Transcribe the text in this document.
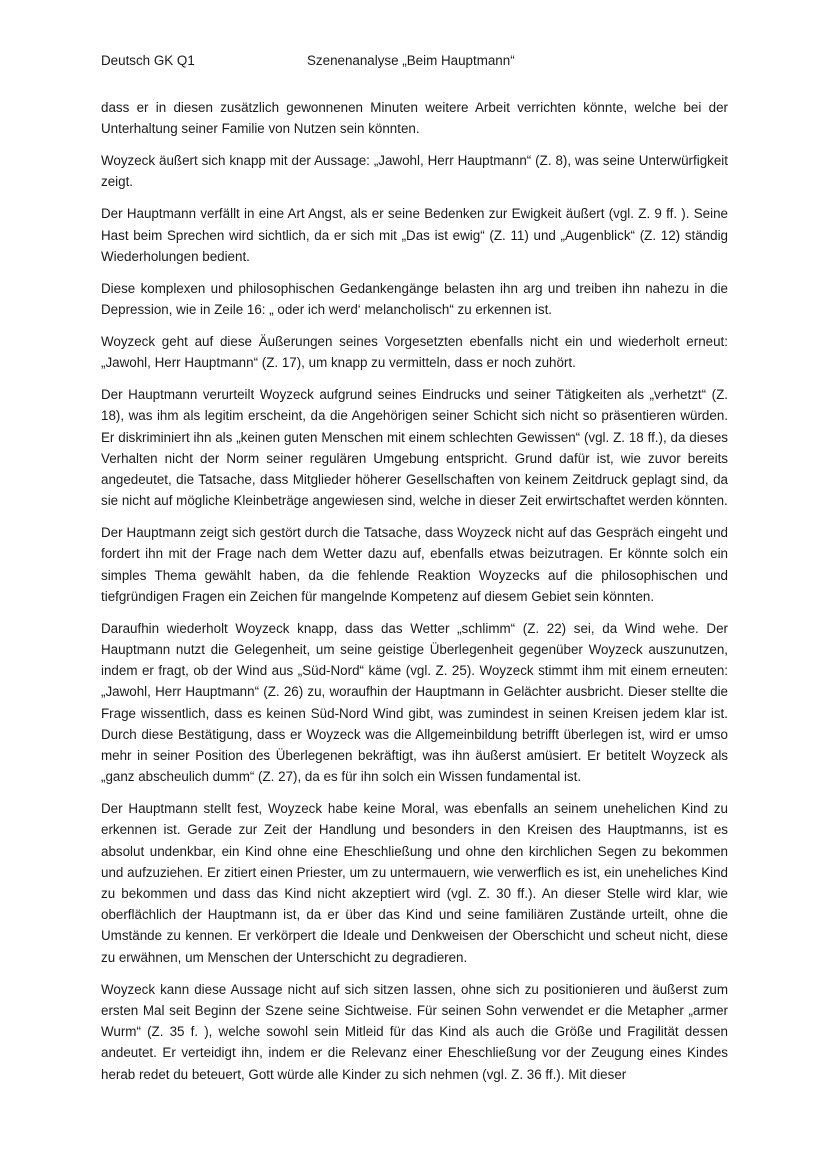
Deutsch GK Q1	Szenenanalyse „Beim Hauptmann“

dass er in diesen zusätzlich gewonnenen Minuten weitere Arbeit verrichten könnte, welche bei der Unterhaltung seiner Familie von Nutzen sein könnten.

Woyzeck äußert sich knapp mit der Aussage: „Jawohl, Herr Hauptmann“ (Z. 8), was seine Unterwürfigkeit zeigt.

Der Hauptmann verfällt in eine Art Angst, als er seine Bedenken zur Ewigkeit äußert (vgl. Z. 9 ff. ). Seine Hast beim Sprechen wird sichtlich, da er sich mit „Das ist ewig“ (Z. 11) und „Augenblick“ (Z. 12) ständig Wiederholungen bedient.

Diese komplexen und philosophischen Gedankengänge belasten ihn arg und treiben ihn nahezu in die Depression, wie in Zeile 16: „ oder ich werd‘ melancholisch“ zu erkennen ist.

Woyzeck geht auf diese Äußerungen seines Vorgesetzten ebenfalls nicht ein und wiederholt erneut: „Jawohl, Herr Hauptmann“ (Z. 17), um knapp zu vermitteln, dass er noch zuhört.

Der Hauptmann verurteilt Woyzeck aufgrund seines Eindrucks und seiner Tätigkeiten als „verhetzt“ (Z. 18), was ihm als legitim erscheint, da die Angehörigen seiner Schicht sich nicht so präsentieren würden. Er diskriminiert ihn als „keinen guten Menschen mit einem schlechten Gewissen“ (vgl. Z. 18 ff.), da dieses Verhalten nicht der Norm seiner regulären Umgebung entspricht. Grund dafür ist, wie zuvor bereits angedeutet, die Tatsache, dass Mitglieder höherer Gesellschaften von keinem Zeitdruck geplagt sind, da sie nicht auf mögliche Kleinbeträge angewiesen sind, welche in dieser Zeit erwirtschaftet werden könnten.

Der Hauptmann zeigt sich gestört durch die Tatsache, dass Woyzeck nicht auf das Gespräch eingeht und fordert ihn mit der Frage nach dem Wetter dazu auf, ebenfalls etwas beizutragen. Er könnte solch ein simples Thema gewählt haben, da die fehlende Reaktion Woyzecks auf die philosophischen und tiefgründigen Fragen ein Zeichen für mangelnde Kompetenz auf diesem Gebiet sein könnten.

Daraufhin wiederholt Woyzeck knapp, dass das Wetter „schlimm“ (Z. 22) sei, da Wind wehe. Der Hauptmann nutzt die Gelegenheit, um seine geistige Überlegenheit gegenüber Woyzeck auszunutzen, indem er fragt, ob der Wind aus „Süd-Nord“ käme (vgl. Z. 25). Woyzeck stimmt ihm mit einem erneuten: „Jawohl, Herr Hauptmann“ (Z. 26) zu, woraufhin der Hauptmann in Gelächter ausbricht. Dieser stellte die Frage wissentlich, dass es keinen Süd-Nord Wind gibt, was zumindest in seinen Kreisen jedem klar ist. Durch diese Bestätigung, dass er Woyzeck was die Allgemeinbildung betrifft überlegen ist, wird er umso mehr in seiner Position des Überlegenen bekräftigt, was ihn äußerst amüsiert. Er betitelt Woyzeck als „ganz abscheulich dumm“ (Z. 27), da es für ihn solch ein Wissen fundamental ist.

Der Hauptmann stellt fest, Woyzeck habe keine Moral, was ebenfalls an seinem unehelichen Kind zu erkennen ist. Gerade zur Zeit der Handlung und besonders in den Kreisen des Hauptmanns, ist es absolut undenkbar, ein Kind ohne eine Eheschließung und ohne den kirchlichen Segen zu bekommen und aufzuziehen. Er zitiert einen Priester, um zu untermauern, wie verwerflich es ist, ein uneheliches Kind zu bekommen und dass das Kind nicht akzeptiert wird (vgl. Z. 30 ff.). An dieser Stelle wird klar, wie oberflächlich der Hauptmann ist, da er über das Kind und seine familiären Zustände urteilt, ohne die Umstände zu kennen. Er verkörpert die Ideale und Denkweisen der Oberschicht und scheut nicht, diese zu erwähnen, um Menschen der Unterschicht zu degradieren.

Woyzeck kann diese Aussage nicht auf sich sitzen lassen, ohne sich zu positionieren und äußerst zum ersten Mal seit Beginn der Szene seine Sichtweise. Für seinen Sohn verwendet er die Metapher „armer Wurm“ (Z. 35 f. ), welche sowohl sein Mitleid für das Kind als auch die Größe und Fragilität dessen andeutet. Er verteidigt ihn, indem er die Relevanz einer Eheschließung vor der Zeugung eines Kindes herab redet du beteuert, Gott würde alle Kinder zu sich nehmen (vgl. Z. 36 ff.). Mit dieser
